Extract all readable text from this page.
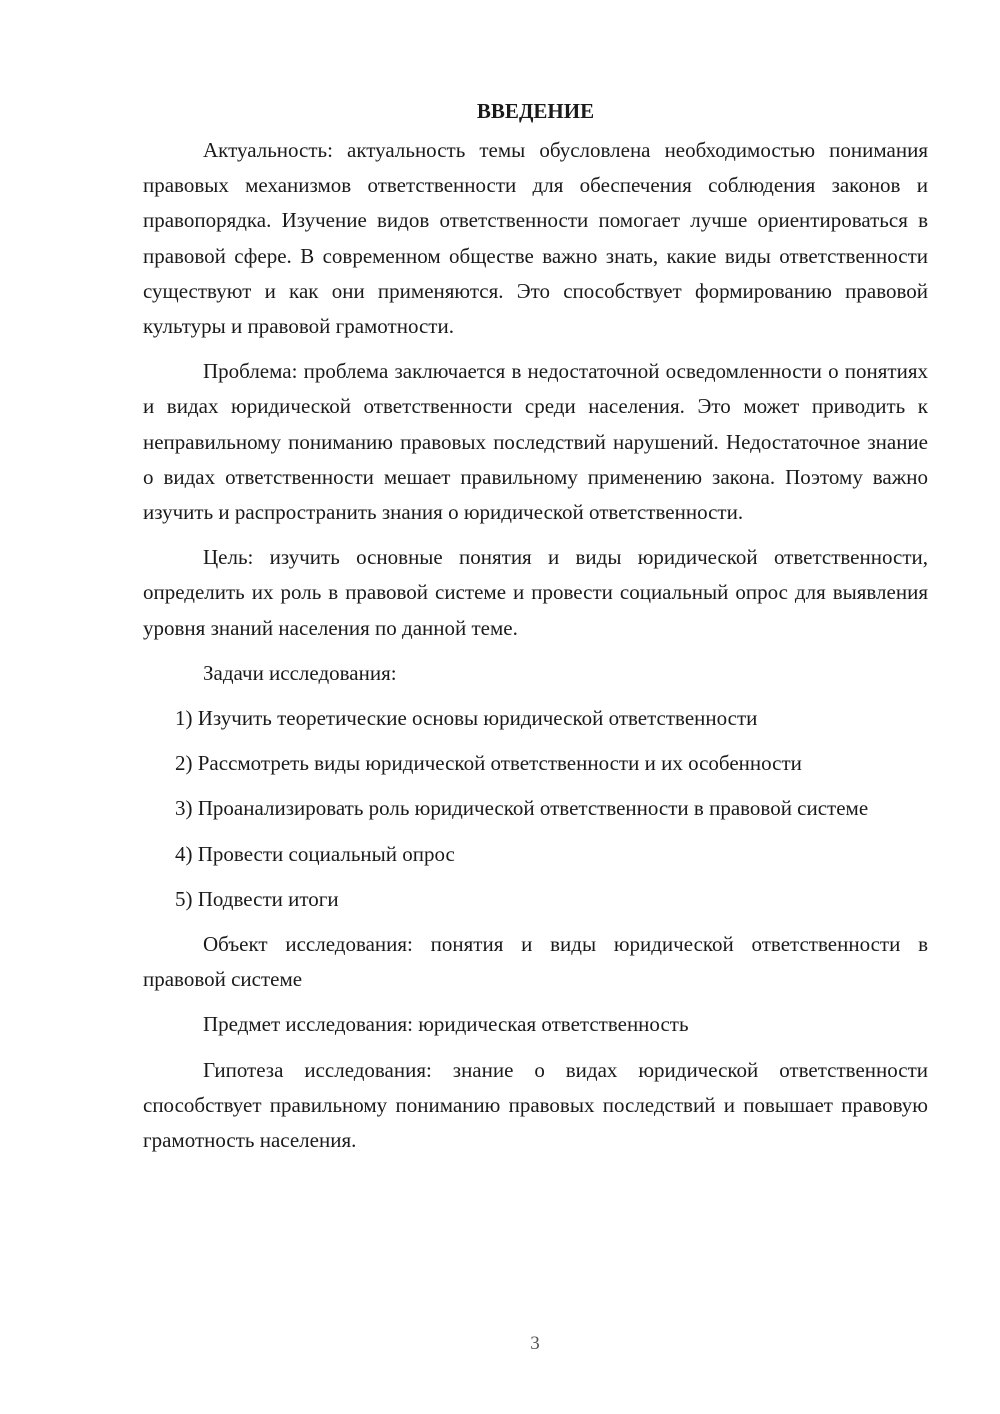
ВВЕДЕНИЕ

Актуальность: актуальность темы обусловлена необходимостью понимания правовых механизмов ответственности для обеспечения соблюдения законов и правопорядка. Изучение видов ответственности помогает лучше ориентироваться в правовой сфере. В современном обществе важно знать, какие виды ответственности существуют и как они применяются. Это способствует формированию правовой культуры и правовой грамотности.

Проблема: проблема заключается в недостаточной осведомленности о понятиях и видах юридической ответственности среди населения. Это может приводить к неправильному пониманию правовых последствий нарушений. Недостаточное знание о видах ответственности мешает правильному применению закона. Поэтому важно изучить и распространить знания о юридической ответственности.

Цель: изучить основные понятия и виды юридической ответственности, определить их роль в правовой системе и провести социальный опрос для выявления уровня знаний населения по данной теме.

Задачи исследования:

1) Изучить теоретические основы юридической ответственности

2) Рассмотреть виды юридической ответственности и их особенности

3) Проанализировать роль юридической ответственности в правовой системе

4) Провести социальный опрос

5) Подвести итоги

Объект исследования: понятия и виды юридической ответственности в правовой системе

Предмет исследования: юридическая ответственность

Гипотеза исследования: знание о видах юридической ответственности способствует правильному пониманию правовых последствий и повышает правовую грамотность населения.

3
